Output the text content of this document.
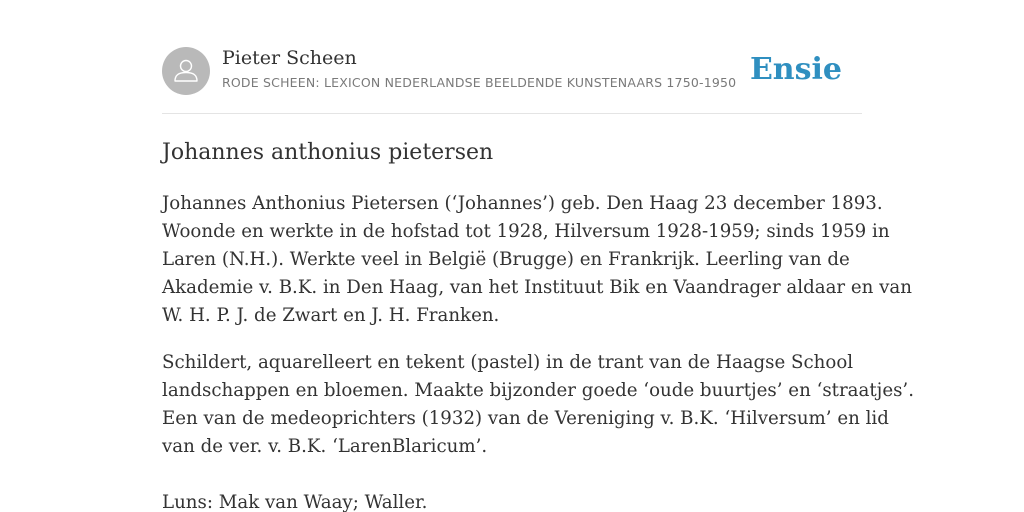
Pieter Scheen
RODE SCHEEN: LEXICON NEDERLANDSE BEELDENDE KUNSTENAARS 1750-1950 Ensie
Johannes anthonius pietersen

Johannes Anthonius Pietersen (‘Johannes’) geb. Den Haag 23 december 1893.
Woonde en werkte in de hofstad tot 1928, Hilversum 1928-1959; sinds 1959 in
Laren (N.H.). Werkte veel in België (Brugge) en Frankrijk. Leerling van de
Akademie v. B.K. in Den Haag, van het Instituut Bik en Vaandrager aldaar en van
W. H. P. J. de Zwart en J. H. Franken.

Schildert, aquarelleert en tekent (pastel) in de trant van de Haagse School
landschappen en bloemen. Maakte bijzonder goede ‘oude buurtjes’ en ‘straatjes’.
Een van de medeoprichters (1932) van de Vereniging v. B.K. ‘Hilversum’ en lid
van de ver. v. B.K. ‘LarenBlaricum’.
Luns: Mak van Waay; Waller.
